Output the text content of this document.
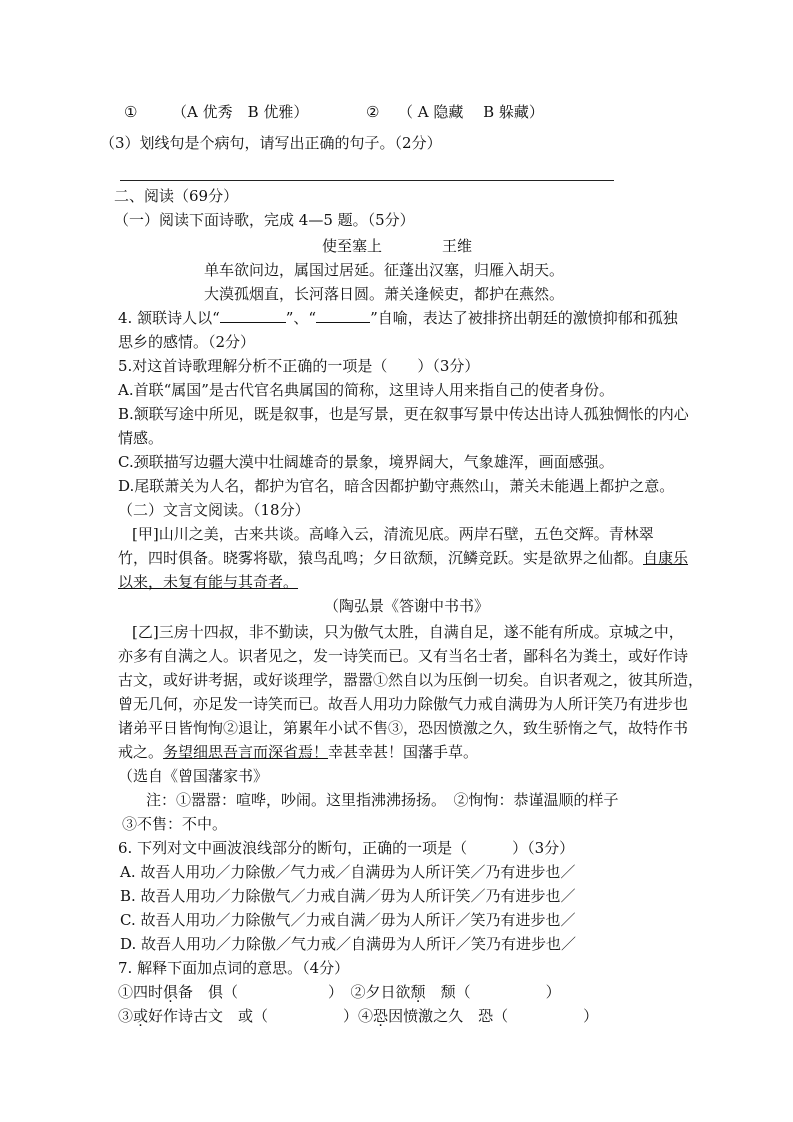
① （A 优秀　B 优雅）	② （ A 隐藏　 B 躲藏）
（3）划线句是个病句，请写出正确的句子。（2分）
二、阅读（69分）
（一）阅读下面诗歌，完成 4—5 题。（5分）
使至塞上	王维
单车欲问边，属国过居延。征蓬出汉塞，归雁入胡天。
大漠孤烟直，长河落日圆。萧关逢候吏，都护在燕然。
4. 颔联诗人以“	”、“	”自喻，表达了被排挤出朝廷的激愤抑郁和孤独
思乡的感情。（2分）
5.对这首诗歌理解分析不正确的一项是（　　）（3分）
A.首联“属国”是古代官名典属国的简称，这里诗人用来指自己的使者身份。
B.颔联写途中所见，既是叙事，也是写景，更在叙事写景中传达出诗人孤独惆怅的内心
情感。
C.颈联描写边疆大漠中壮阔雄奇的景象，境界阔大，气象雄浑，画面感强。
D.尾联萧关为人名，都护为官名，暗含因都护勤守燕然山，萧关未能遇上都护之意。
（二）文言文阅读。（18分）
[甲]山川之美，古来共谈。高峰入云，清流见底。两岸石壁，五色交辉。青林翠
竹，四时俱备。晓雾将歇，猿鸟乱鸣；夕日欲颓，沉鳞竞跃。实是欲界之仙都。自康乐
以来，未复有能与其奇者。
（陶弘景《答谢中书书》
[乙]三房十四叔，非不勤读，只为傲气太胜，自满自足，遂不能有所成。京城之中，
亦多有自满之人。识者见之，发一诗笑而已。又有当名士者，鄙科名为粪土，或好作诗
古文，或好讲考据，或好谈理学，嚣嚣①然自以为压倒一切矣。自识者观之，彼其所造，
曾无几何，亦足发一诗笑而已。故吾人用功力除傲气力戒自满毋为人所讦笑乃有进步也
诸弟平日皆恂恂②退让，第累年小试不售③，恐因愤激之久，致生骄惰之气，故特作书
戒之。务望细思吾言而深省焉！幸甚幸甚！国藩手草。
（选自《曾国藩家书》
注：①嚣嚣：喧哗，吵闹。这里指沸沸扬扬。　②恂恂：恭谨温顺的样子
③不售：不中。
6. 下列对文中画波浪线部分的断句，正确的一项是（　　　）（3分）
A. 故吾人用功／力除傲／气力戒／自满毋为人所讦笑／乃有进步也／
B. 故吾人用功／力除傲气／力戒自满／毋为人所讦笑／乃有进步也／
C. 故吾人用功／力除傲气／力戒自满／毋为人所讦／笑乃有进步也／
D. 故吾人用功／力除傲／气力戒／自满毋为人所讦／笑乃有进步也／
7. 解释下面加点词的意思。（4分）
①四时俱备　俱（　　　　　　）　②夕日欲颓　颓（　　　　　）
③或好作诗古文　或（　　　　　）④恐因愤激之久　恐（　　　　　）
